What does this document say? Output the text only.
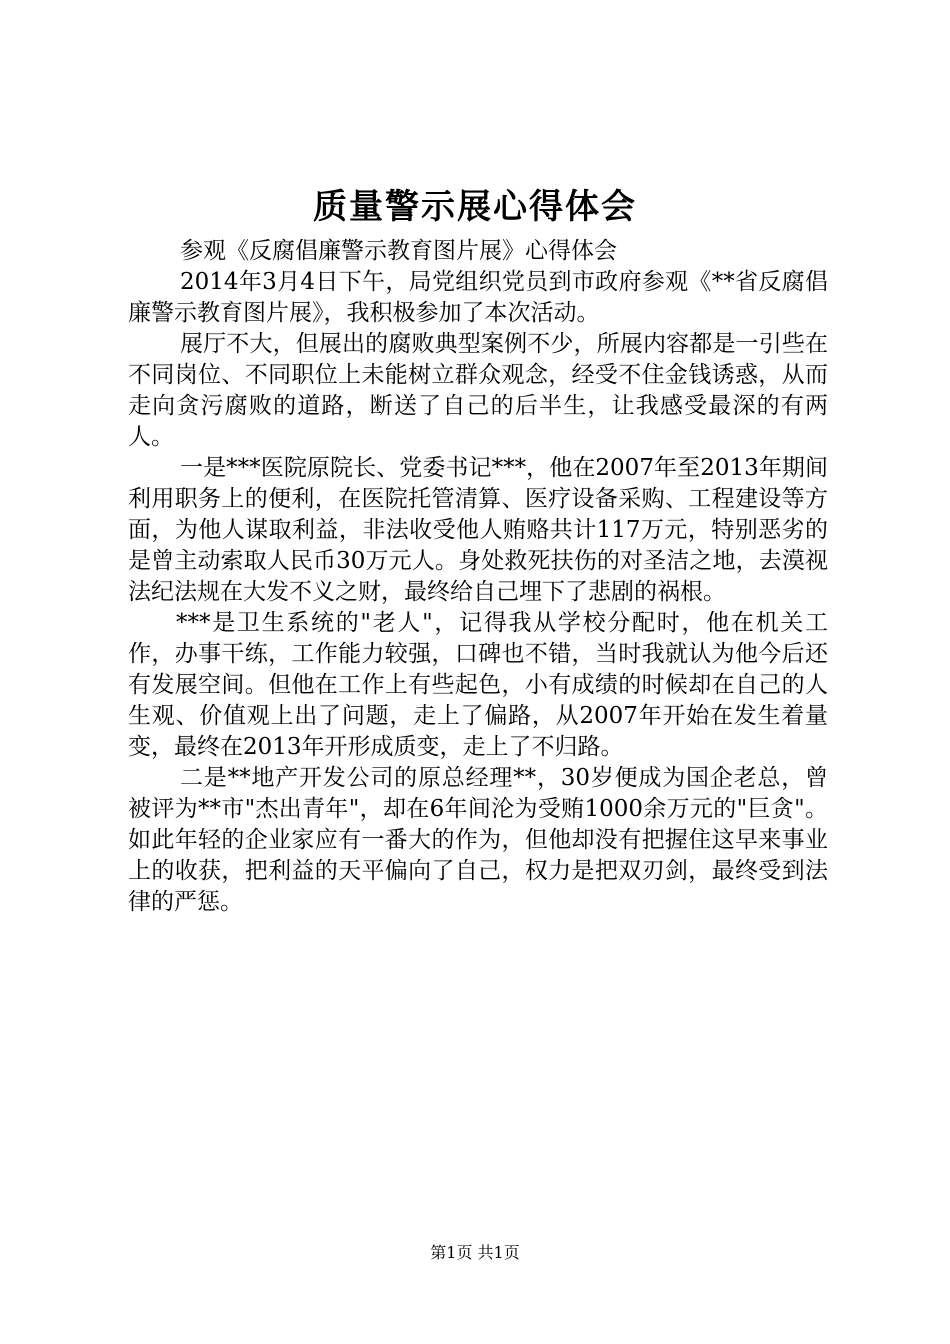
质量警示展心得体会

参观《反腐倡廉警示教育图片展》心得体会

2014年3月4日下午，局党组织党员到市政府参观《**省反腐倡廉警示教育图片展》，我积极参加了本次活动。

展厅不大，但展出的腐败典型案例不少，所展内容都是一引些在不同岗位、不同职位上未能树立群众观念，经受不住金钱诱惑，从而走向贪污腐败的道路，断送了自己的后半生，让我感受最深的有两人。

一是***医院原院长、党委书记***，他在2007年至2013年期间利用职务上的便利，在医院托管清算、医疗设备采购、工程建设等方面，为他人谋取利益，非法收受他人贿赂共计117万元，特别恶劣的是曾主动索取人民币30万元人。身处救死扶伤的对圣洁之地，去漠视法纪法规在大发不义之财，最终给自己埋下了悲剧的祸根。

***是卫生系统的"老人"，记得我从学校分配时，他在机关工作，办事干练，工作能力较强，口碑也不错，当时我就认为他今后还有发展空间。但他在工作上有些起色，小有成绩的时候却在自己的人生观、价值观上出了问题，走上了偏路，从2007年开始在发生着量变，最终在2013年开形成质变，走上了不归路。

二是**地产开发公司的原总经理**，30岁便成为国企老总，曾被评为**市"杰出青年"，却在6年间沦为受贿1000余万元的"巨贪"。如此年轻的企业家应有一番大的作为，但他却没有把握住这早来事业上的收获，把利益的天平偏向了自己，权力是把双刃剑，最终受到法律的严惩。

第1页 共1页
